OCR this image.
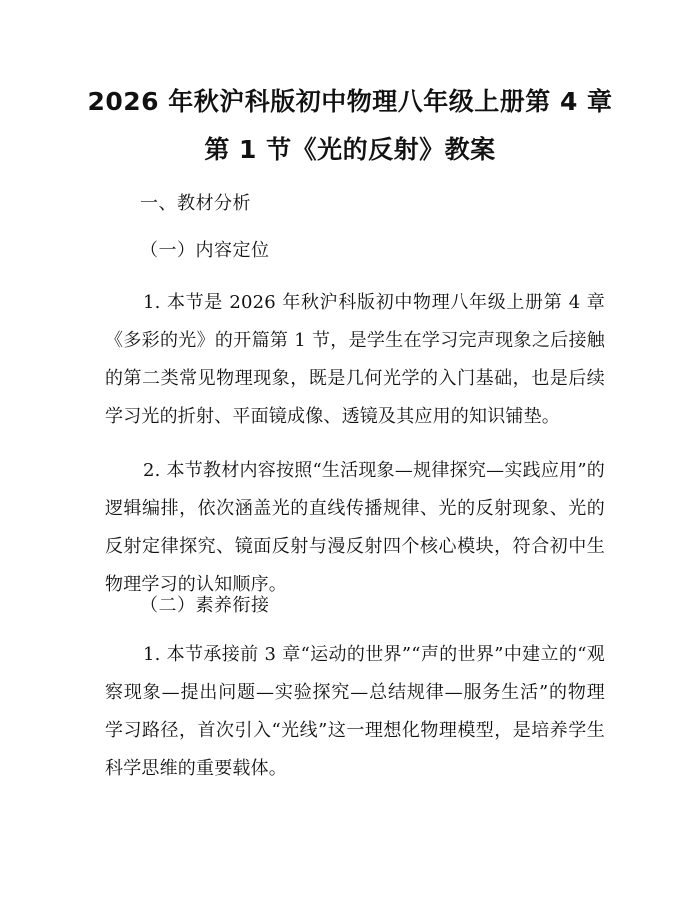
2026 年秋沪科版初中物理八年级上册第 4 章
第 1 节《光的反射》教案
一、教材分析
（一）内容定位
1. 本节是 2026 年秋沪科版初中物理八年级上册第 4 章《多彩的光》的开篇第 1 节，是学生在学习完声现象之后接触的第二类常见物理现象，既是几何光学的入门基础，也是后续学习光的折射、平面镜成像、透镜及其应用的知识铺垫。
2. 本节教材内容按照“生活现象—规律探究—实践应用”的逻辑编排，依次涵盖光的直线传播规律、光的反射现象、光的反射定律探究、镜面反射与漫反射四个核心模块，符合初中生物理学习的认知顺序。
（二）素养衔接
1. 本节承接前 3 章“运动的世界”“声的世界”中建立的“观察现象—提出问题—实验探究—总结规律—服务生活”的物理学习路径，首次引入“光线”这一理想化物理模型，是培养学生科学思维的重要载体。
